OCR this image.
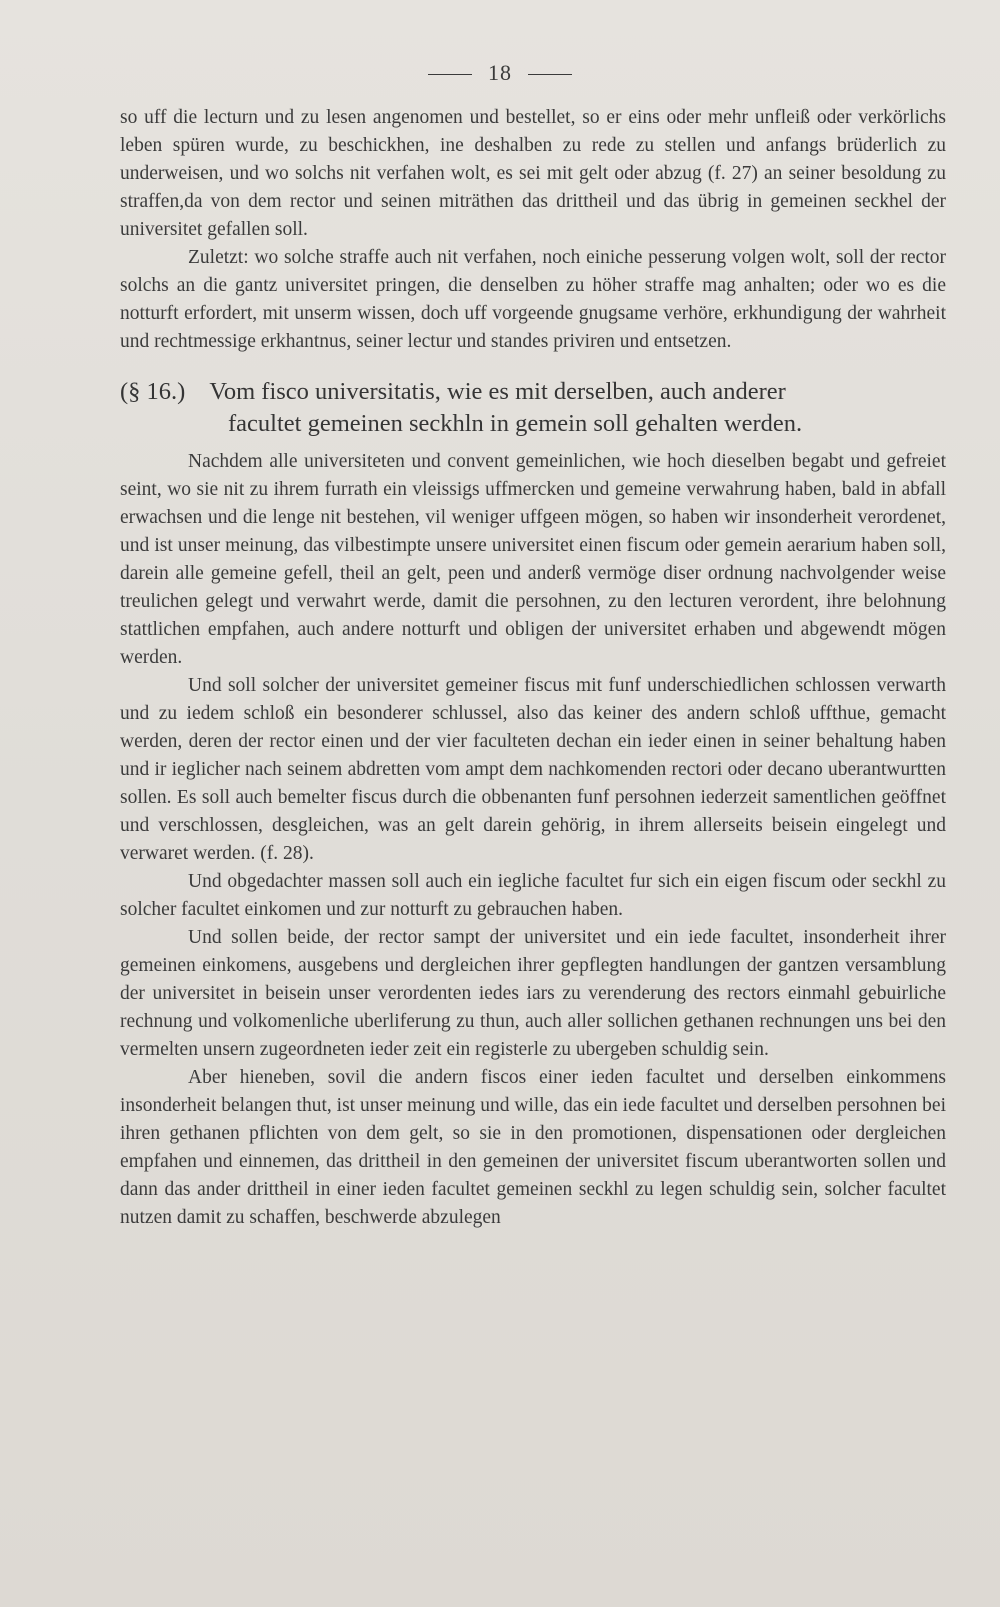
18

so uff die lecturn und zu lesen angenomen und bestellet, so er eins oder mehr unfleiß oder verkörlichs leben spüren wurde, zu beschickhen, ine deshalben zu rede zu stellen und anfangs brüderlich zu underweisen, und wo solchs nit verfahen wolt, es sei mit gelt oder abzug (f. 27) an seiner besoldung zu straffen,da von dem rector und seinen miträthen das drittheil und das übrig in gemeinen seckhel der universitet gefallen soll.

Zuletzt: wo solche straffe auch nit verfahen, noch einiche pesserung volgen wolt, soll der rector solchs an die gantz universitet pringen, die denselben zu höher straffe mag anhalten; oder wo es die notturft erfordert, mit unserm wissen, doch uff vorgeende gnugsame verhöre, erkhundigung der wahrheit und rechtmessige erkhantnus, seiner lectur und standes priviren und entsetzen.

(§ 16.) Vom fisco universitatis, wie es mit derselben, auch anderer
facultet gemeinen seckhln in gemein soll gehalten werden.

Nachdem alle universiteten und convent gemeinlichen, wie hoch dieselben begabt und gefreiet seint, wo sie nit zu ihrem furrath ein vleissigs uffmercken und gemeine verwahrung haben, bald in abfall erwachsen und die lenge nit bestehen, vil weniger uffgeen mögen, so haben wir insonderheit verordenet, und ist unser meinung, das vilbestimpte unsere universitet einen fiscum oder gemein aerarium haben soll, darein alle gemeine gefell, theil an gelt, peen und anderß vermöge diser ordnung nachvolgender weise treulichen gelegt und verwahrt werde, damit die persohnen, zu den lecturen verordent, ihre belohnung stattlichen empfahen, auch andere notturft und obligen der universitet erhaben und abgewendt mögen werden.

Und soll solcher der universitet gemeiner fiscus mit funf underschiedlichen schlossen verwarth und zu iedem schloß ein besonderer schlussel, also das keiner des andern schloß uffthue, gemacht werden, deren der rector einen und der vier faculteten dechan ein ieder einen in seiner behaltung haben und ir ieglicher nach seinem abdretten vom ampt dem nachkomenden rectori oder decano uberantwurtten sollen. Es soll auch bemelter fiscus durch die obbenanten funf persohnen iederzeit samentlichen geöffnet und verschlossen, desgleichen, was an gelt darein gehörig, in ihrem allerseits beisein eingelegt und verwaret werden. (f. 28).

Und obgedachter massen soll auch ein iegliche facultet fur sich ein eigen fiscum oder seckhl zu solcher facultet einkomen und zur notturft zu gebrauchen haben.

Und sollen beide, der rector sampt der universitet und ein iede facultet, insonderheit ihrer gemeinen einkomens, ausgebens und dergleichen ihrer gepflegten handlungen der gantzen versamblung der universitet in beisein unser verordenten iedes iars zu verenderung des rectors einmahl gebuirliche rechnung und volkomenliche uberliferung zu thun, auch aller sollichen gethanen rechnungen uns bei den vermelten unsern zugeordneten ieder zeit ein registerle zu ubergeben schuldig sein.

Aber hieneben, sovil die andern fiscos einer ieden facultet und derselben einkommens insonderheit belangen thut, ist unser meinung und wille, das ein iede facultet und derselben persohnen bei ihren gethanen pflichten von dem gelt, so sie in den promotionen, dispensationen oder dergleichen empfahen und einnemen, das drittheil in den gemeinen der universitet fiscum uberantworten sollen und dann das ander drittheil in einer ieden facultet gemeinen seckhl zu legen schuldig sein, solcher facultet nutzen damit zu schaffen, beschwerde abzulegen
